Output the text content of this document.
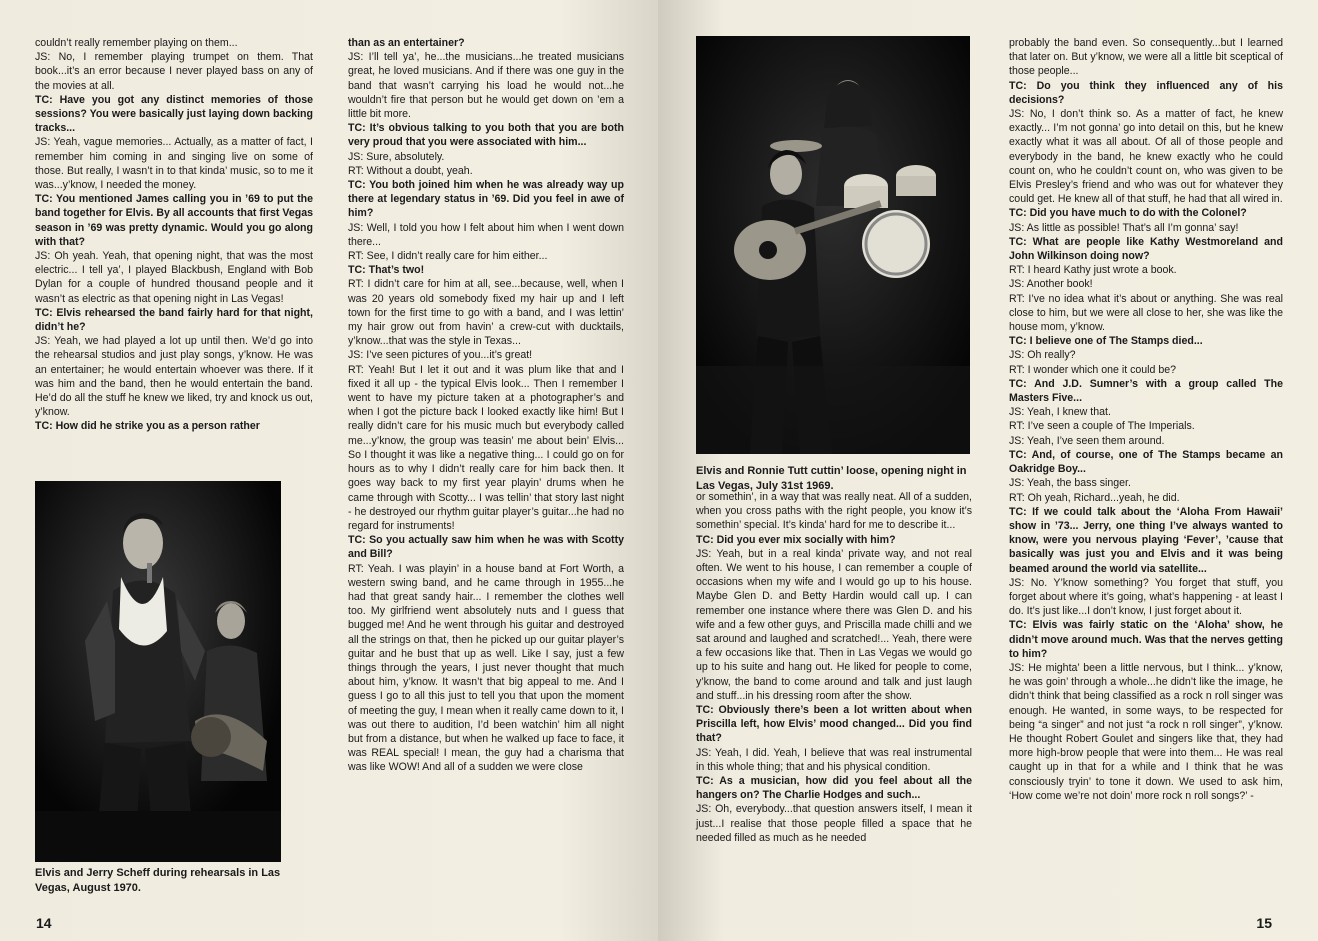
couldn’t really remember playing on them...

JS: No, I remember playing trumpet on them. That book...it’s an error because I never played bass on any of the movies at all.

TC: Have you got any distinct memories of those sessions? You were basically just laying down backing tracks...

JS: Yeah, vague memories... Actually, as a matter of fact, I remember him coming in and singing live on some of those. But really, I wasn’t in to that kinda’ music, so to me it was...y’know, I needed the money.

TC: You mentioned James calling you in ’69 to put the band together for Elvis. By all accounts that first Vegas season in ’69 was pretty dynamic. Would you go along with that?

JS: Oh yeah. Yeah, that opening night, that was the most electric... I tell ya’, I played Blackbush, England with Bob Dylan for a couple of hundred thousand people and it wasn’t as electric as that opening night in Las Vegas!

TC: Elvis rehearsed the band fairly hard for that night, didn’t he?

JS: Yeah, we had played a lot up until then. We’d go into the rehearsal studios and just play songs, y’know. He was an entertainer; he would entertain whoever was there. If it was him and the band, then he would entertain the band. He’d do all the stuff he knew we liked, try and knock us out, y’know.

TC: How did he strike you as a person rather

Elvis and Jerry Scheff during rehearsals in Las Vegas, August 1970.

than as an entertainer?

JS: I’ll tell ya’, he...the musicians...he treated musicians great, he loved musicians. And if there was one guy in the band that wasn’t carrying his load he would not...he wouldn’t fire that person but he would get down on ’em a little bit more.

TC: It’s obvious talking to you both that you are both very proud that you were associated with him...

JS: Sure, absolutely.

RT: Without a doubt, yeah.

TC: You both joined him when he was already way up there at legendary status in ’69. Did you feel in awe of him?

JS: Well, I told you how I felt about him when I went down there...

RT: See, I didn’t really care for him either...

TC: That’s two!

RT: I didn’t care for him at all, see...because, well, when I was 20 years old somebody fixed my hair up and I left town for the first time to go with a band, and I was lettin’ my hair grow out from havin’ a crew-cut with ducktails, y’know...that was the style in Texas...

JS: I’ve seen pictures of you...it’s great!

RT: Yeah! But I let it out and it was plum like that and I fixed it all up - the typical Elvis look... Then I remember I went to have my picture taken at a photographer’s and when I got the picture back I looked exactly like him! But I really didn’t care for his music much but everybody called me...y’know, the group was teasin’ me about bein’ Elvis... So I thought it was like a negative thing... I could go on for hours as to why I didn’t really care for him back then. It goes way back to my first year playin’ drums when he came through with Scotty... I was tellin’ that story last night - he destroyed our rhythm guitar player’s guitar...he had no regard for instruments!

TC: So you actually saw him when he was with Scotty and Bill?

RT: Yeah. I was playin’ in a house band at Fort Worth, a western swing band, and he came through in 1955...he had that great sandy hair... I remember the clothes well too. My girlfriend went absolutely nuts and I guess that bugged me! And he went through his guitar and destroyed all the strings on that, then he picked up our guitar player’s guitar and he bust that up as well. Like I say, just a few things through the years, I just never thought that much about him, y’know. It wasn’t that big appeal to me. And I guess I go to all this just to tell you that upon the moment of meeting the guy, I mean when it really came down to it, I was out there to audition, I’d been watchin’ him all night but from a distance, but when he walked up face to face, it was REAL special! I mean, the guy had a charisma that was like WOW! And all of a sudden we were close

14
Elvis and Ronnie Tutt cuttin’ loose, opening night in Las Vegas, July 31st 1969.

or somethin’, in a way that was really neat. All of a sudden, when you cross paths with the right people, you know it’s somethin’ special. It’s kinda’ hard for me to describe it...

TC: Did you ever mix socially with him?

JS: Yeah, but in a real kinda’ private way, and not real often. We went to his house, I can remember a couple of occasions when my wife and I would go up to his house. Maybe Glen D. and Betty Hardin would call up. I can remember one instance where there was Glen D. and his wife and a few other guys, and Priscilla made chilli and we sat around and laughed and scratched!... Yeah, there were a few occasions like that. Then in Las Vegas we would go up to his suite and hang out. He liked for people to come, y’know, the band to come around and talk and just laugh and stuff...in his dressing room after the show.

TC: Obviously there’s been a lot written about when Priscilla left, how Elvis’ mood changed... Did you find that?

JS: Yeah, I did. Yeah, I believe that was real instrumental in this whole thing; that and his physical condition.

TC: As a musician, how did you feel about all the hangers on? The Charlie Hodges and such...

JS: Oh, everybody...that question answers itself, I mean it just...I realise that those people filled a space that he needed filled as much as he needed

probably the band even. So consequently...but I learned that later on. But y’know, we were all a little bit sceptical of those people...

TC: Do you think they influenced any of his decisions?

JS: No, I don’t think so. As a matter of fact, he knew exactly... I’m not gonna’ go into detail on this, but he knew exactly what it was all about. Of all of those people and everybody in the band, he knew exactly who he could count on, who he couldn’t count on, who was given to be Elvis Presley’s friend and who was out for whatever they could get. He knew all of that stuff, he had that all wired in.

TC: Did you have much to do with the Colonel?

JS: As little as possible! That’s all I’m gonna’ say!

TC: What are people like Kathy Westmoreland and John Wilkinson doing now?

RT: I heard Kathy just wrote a book.

JS: Another book!

RT: I’ve no idea what it’s about or anything. She was real close to him, but we were all close to her, she was like the house mom, y’know.

TC: I believe one of The Stamps died...

JS: Oh really?

RT: I wonder which one it could be?

TC: And J.D. Sumner’s with a group called The Masters Five...

JS: Yeah, I knew that.

RT: I’ve seen a couple of The Imperials.

JS: Yeah, I’ve seen them around.

TC: And, of course, one of The Stamps became an Oakridge Boy...

JS: Yeah, the bass singer.

RT: Oh yeah, Richard...yeah, he did.

TC: If we could talk about the ‘Aloha From Hawaii’ show in ’73... Jerry, one thing I’ve always wanted to know, were you nervous playing ‘Fever’, ’cause that basically was just you and Elvis and it was being beamed around the world via satellite...

JS: No. Y’know something? You forget that stuff, you forget about where it’s going, what’s happening - at least I do. It’s just like...I don’t know, I just forget about it.

TC: Elvis was fairly static on the ‘Aloha’ show, he didn’t move around much. Was that the nerves getting to him?

JS: He mighta’ been a little nervous, but I think... y’know, he was goin’ through a whole...he didn’t like the image, he didn’t think that being classified as a rock n roll singer was enough. He wanted, in some ways, to be respected for being “a singer” and not just “a rock n roll singer”, y’know. He thought Robert Goulet and singers like that, they had more high-brow people that were into them... He was real caught up in that for a while and I think that he was consciously tryin’ to tone it down. We used to ask him, ‘How come we’re not doin’ more rock n roll songs?’ -

15
